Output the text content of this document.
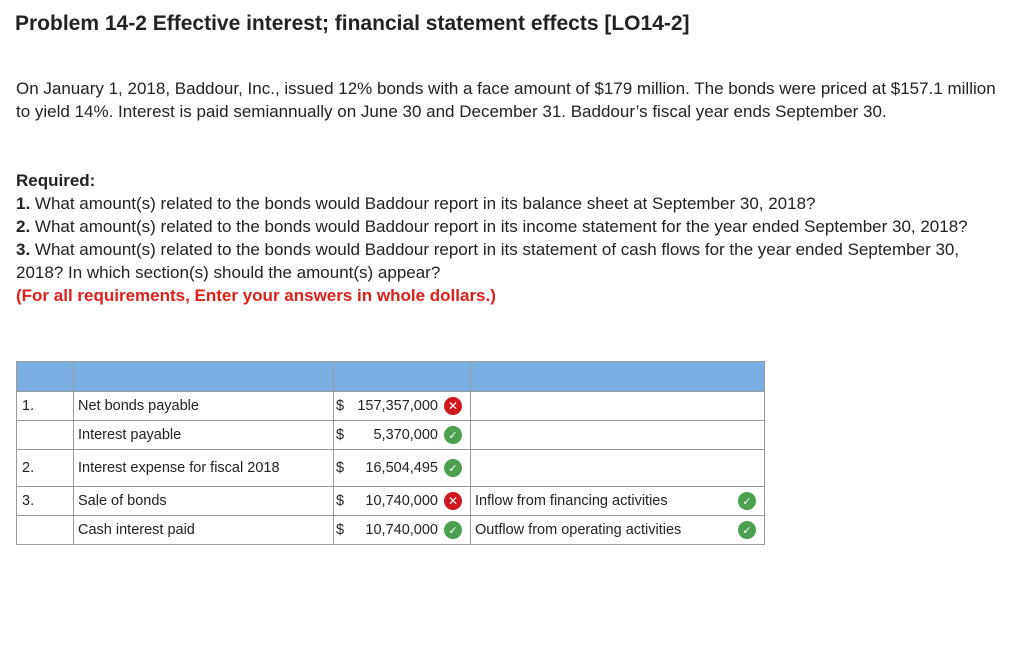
Problem 14-2 Effective interest; financial statement effects [LO14-2]
On January 1, 2018, Baddour, Inc., issued 12% bonds with a face amount of $179 million. The bonds were priced at $157.1 million to yield 14%. Interest is paid semiannually on June 30 and December 31. Baddour’s fiscal year ends September 30.
Required:
1. What amount(s) related to the bonds would Baddour report in its balance sheet at September 30, 2018?
2. What amount(s) related to the bonds would Baddour report in its income statement for the year ended September 30, 2018?
3. What amount(s) related to the bonds would Baddour report in its statement of cash flows for the year ended September 30, 2018? In which section(s) should the amount(s) appear?
(For all requirements, Enter your answers in whole dollars.)

1.	Net bonds payable	$ 157,357,000 ✕	

	Interest payable	$ 5,370,000 ✓	

2.	Interest expense for fiscal 2018	$ 16,504,495 ✓	

3.	Sale of bonds	$ 10,740,000 ✕	Inflow from financing activities ✓

	Cash interest paid	$ 10,740,000 ✓	Outflow from operating activities ✓
